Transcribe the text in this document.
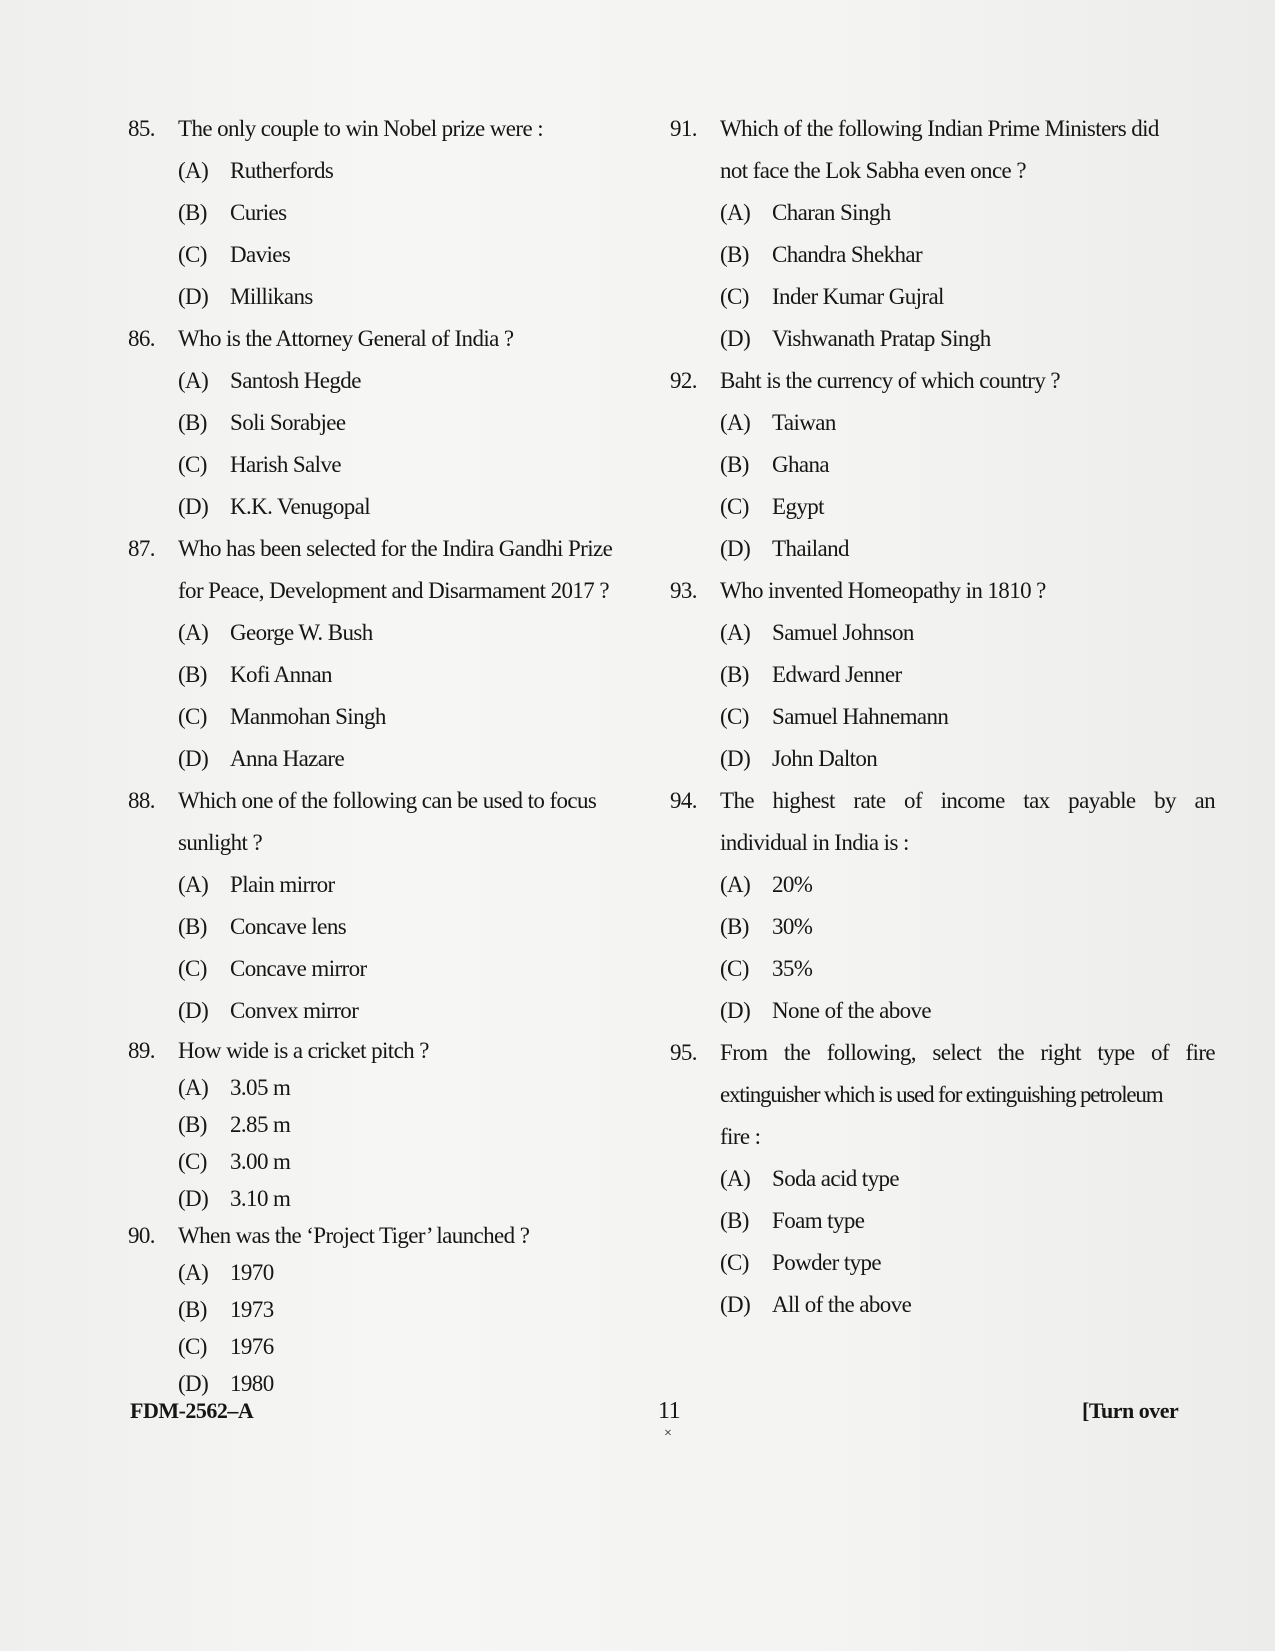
85.	The only couple to win Nobel prize were :
(A) Rutherfords
(B)	Curies
(C)	Davies
(D) Millikans
86.	Who is the Attorney General of India ?
(A) Santosh Hegde
(B)	Soli Sorabjee
(C)	Harish Salve
(D) K.K. Venugopal
87.	Who has been selected for the Indira Gandhi Prize
for Peace, Development and Disarmament 2017 ?
(A) George W. Bush
(B)	Kofi Annan
(C)	Manmohan Singh
(D) Anna Hazare
88.	Which one of the following can be used to focus
sunlight ?
(A) Plain mirror
(B)	Concave lens
(C)	Concave mirror
(D) Convex mirror
89.	How wide is a cricket pitch ?
(A) 3.05 m
(B)	2.85 m
(C)	3.00 m
(D) 3.10 m
90.	When was the ‘Project Tiger’ launched ?
(A) 1970
(B)	1973
(C)	1976
(D) 1980
91.	Which of the following Indian Prime Ministers did
not face the Lok Sabha even once ?
(A) Charan Singh
(B)	Chandra Shekhar
(C)	Inder Kumar Gujral
(D) Vishwanath Pratap Singh
92.	Baht is the currency of which country ?
(A) Taiwan
(B)	Ghana
(C)	Egypt
(D) Thailand
93.	Who invented Homeopathy in 1810 ?
(A) Samuel Johnson
(B)	Edward Jenner
(C)	Samuel Hahnemann
(D) John Dalton
94.	The highest rate of income tax payable by an
individual in India is :
(A) 20%
(B)	30%
(C)	35%
(D) None of the above
95.	From the following, select the right type of fire
extinguisher which is used for extinguishing petroleum
fire :
(A) Soda acid type
(B)	Foam type
(C)	Powder type
(D) All of the above
FDM-2562–A	11
×
[Turn over
